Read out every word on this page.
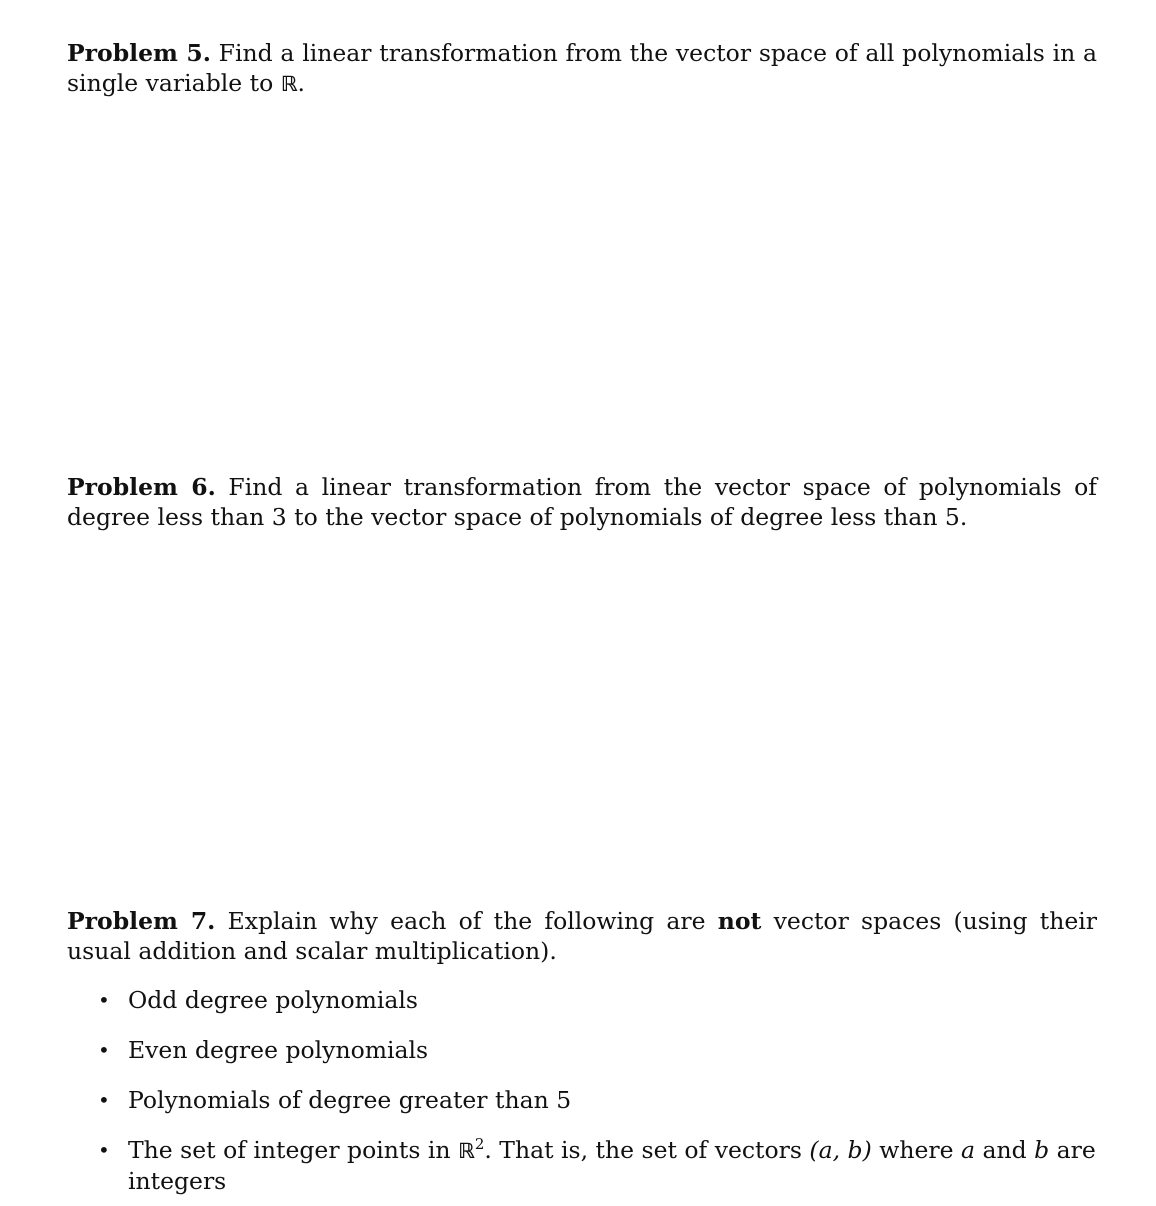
Problem 5. Find a linear transformation from the vector space of all polynomials in a single variable to ℝ.
Problem 6. Find a linear transformation from the vector space of polynomials of degree less than 3 to the vector space of polynomials of degree less than 5.
Problem 7. Explain why each of the following are not vector spaces (using their usual addition and scalar multiplication).
• Odd degree polynomials
• Even degree polynomials
• Polynomials of degree greater than 5
• The set of integer points in ℝ$^2$. That is, the set of vectors (a, b) where a and b are integers
